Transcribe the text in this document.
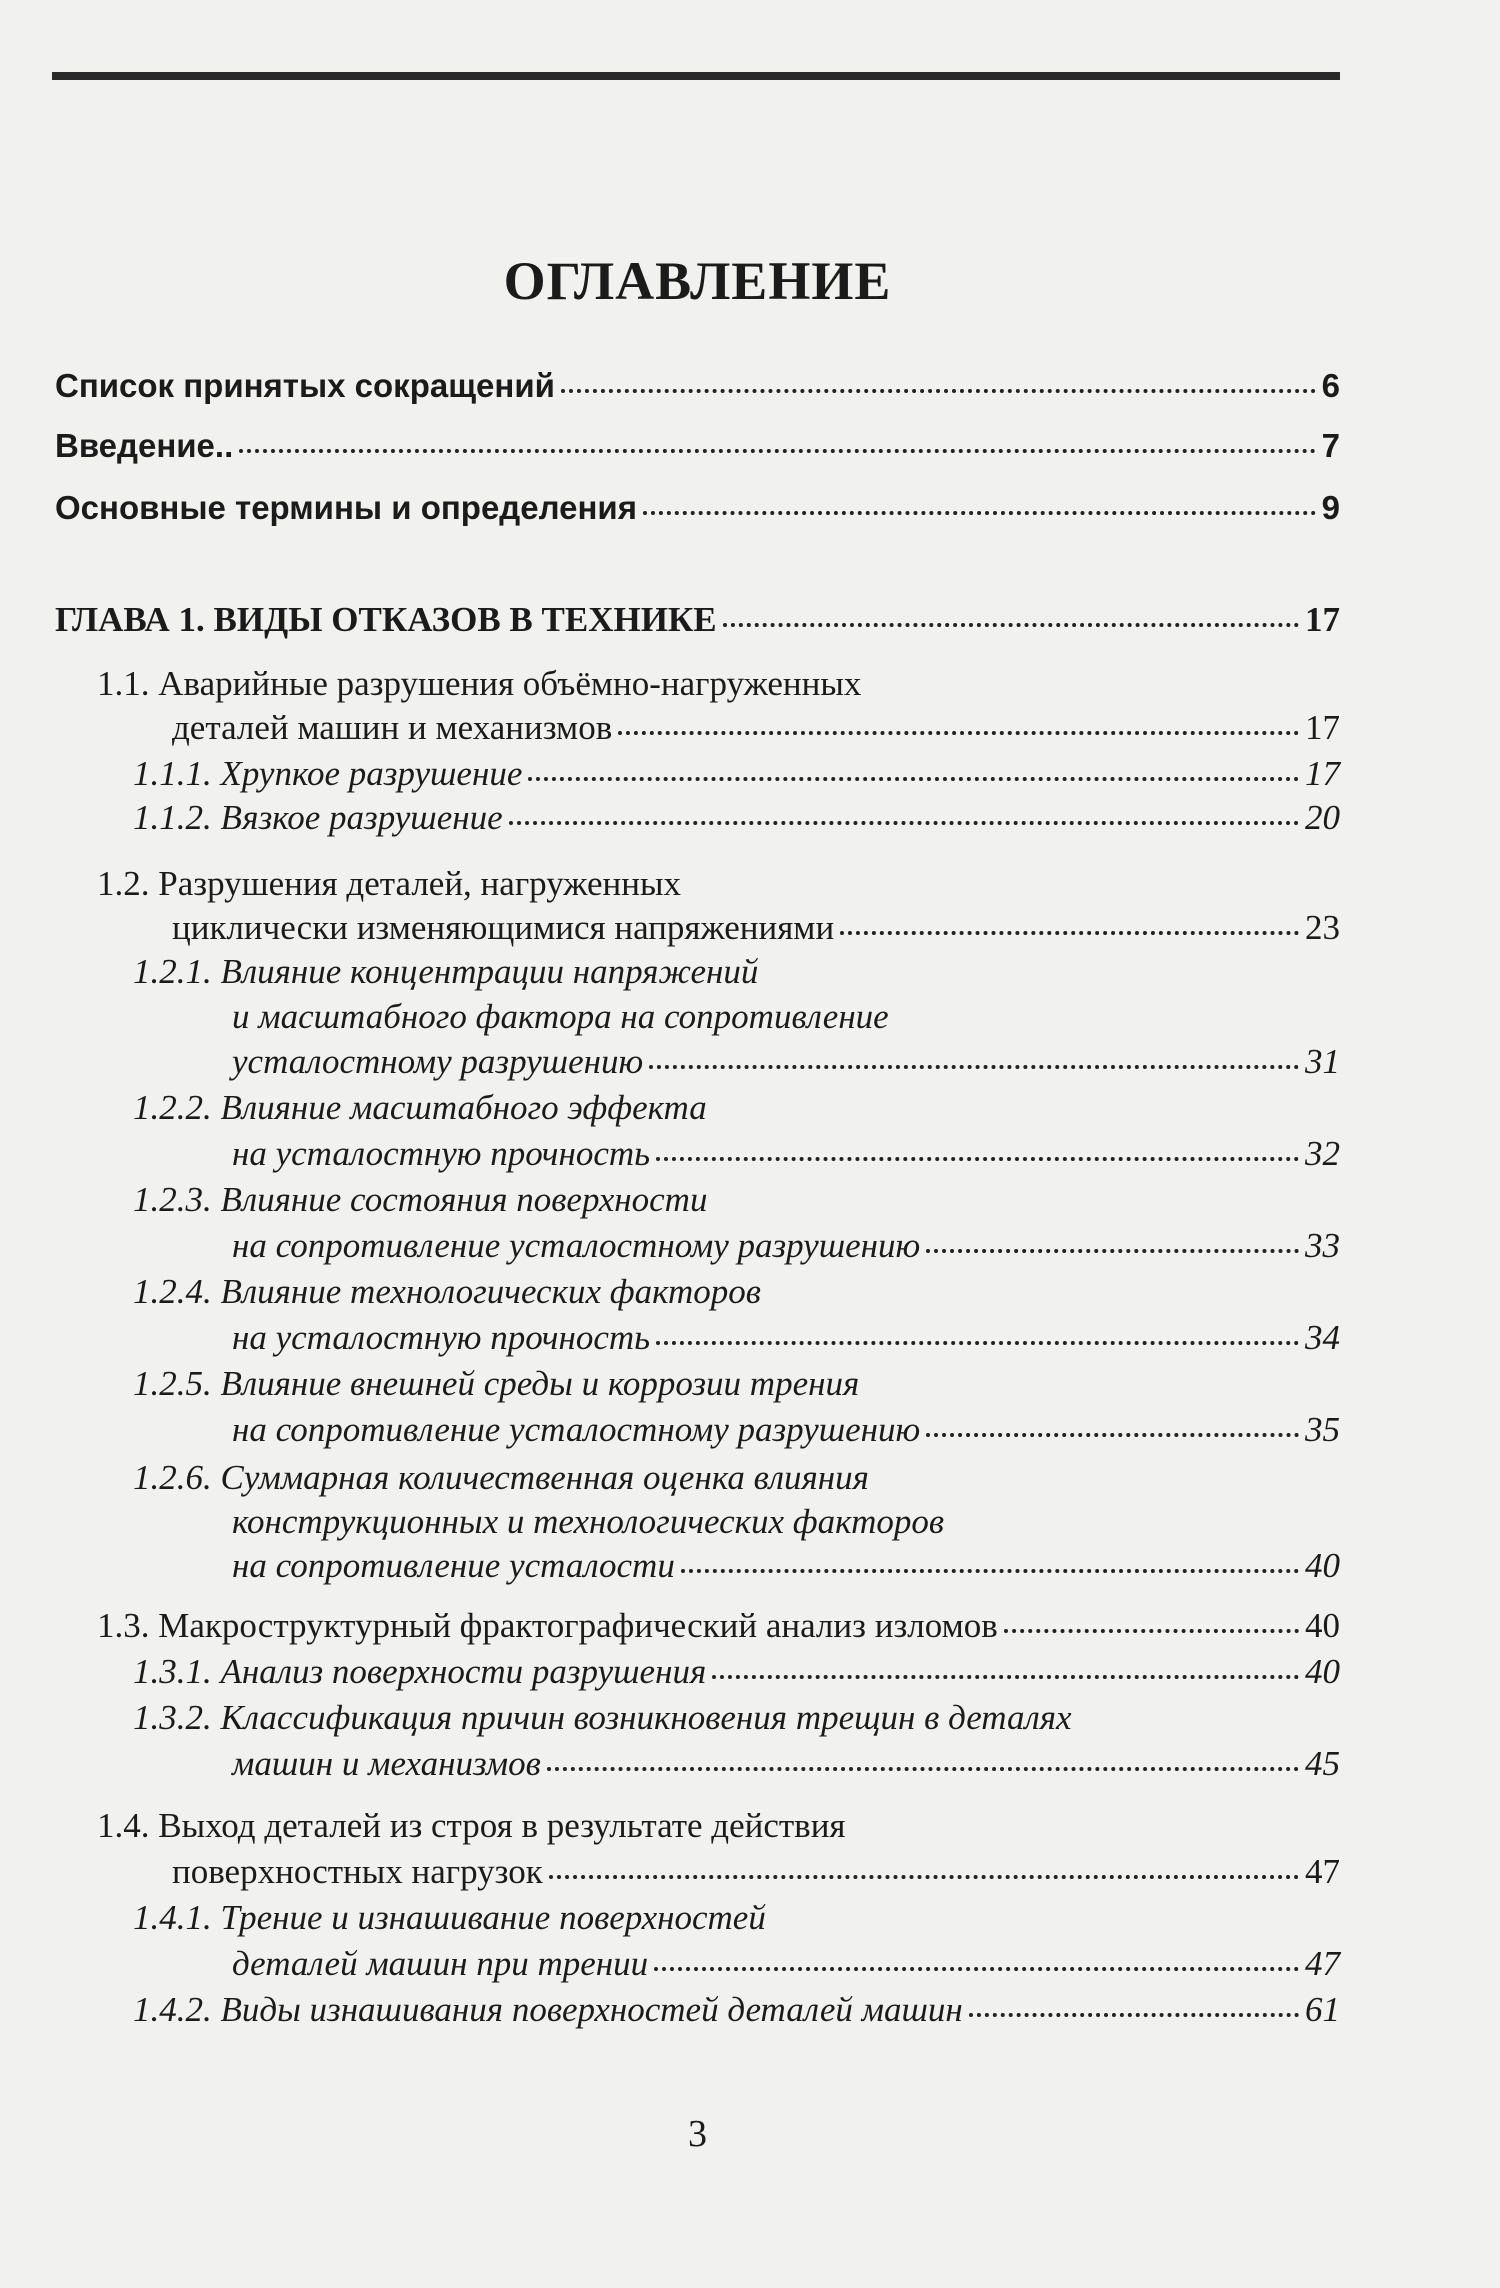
ОГЛАВЛЕНИЕ
Список принятых сокращений	6
Введение..	7
Основные термины и определения	9
ГЛАВА 1. ВИДЫ ОТКАЗОВ В ТЕХНИКЕ	17
1.1. Аварийные разрушения объёмно-нагруженных
деталей машин и механизмов	17
1.1.1. Хрупкое разрушение	17
1.1.2. Вязкое разрушение	20
1.2. Разрушения деталей, нагруженных
циклически изменяющимися напряжениями	23
1.2.1. Влияние концентрации напряжений
и масштабного фактора на сопротивление
усталостному разрушению	31
1.2.2. Влияние масштабного эффекта
на усталостную прочность	32
1.2.3. Влияние состояния поверхности
на сопротивление усталостному разрушению	33
1.2.4. Влияние технологических факторов
на усталостную прочность	34
1.2.5. Влияние внешней среды и коррозии трения
на сопротивление усталостному разрушению	35
1.2.6. Суммарная количественная оценка влияния
конструкционных и технологических факторов
на сопротивление усталости	40
1.3. Макроструктурный фрактографический анализ изломов	40
1.3.1. Анализ поверхности разрушения	40
1.3.2. Классификация причин возникновения трещин в деталях
машин и механизмов	45
1.4. Выход деталей из строя в результате действия
поверхностных нагрузок	47
1.4.1. Трение и изнашивание поверхностей
деталей машин при трении	47
1.4.2. Виды изнашивания поверхностей деталей машин	61
3
